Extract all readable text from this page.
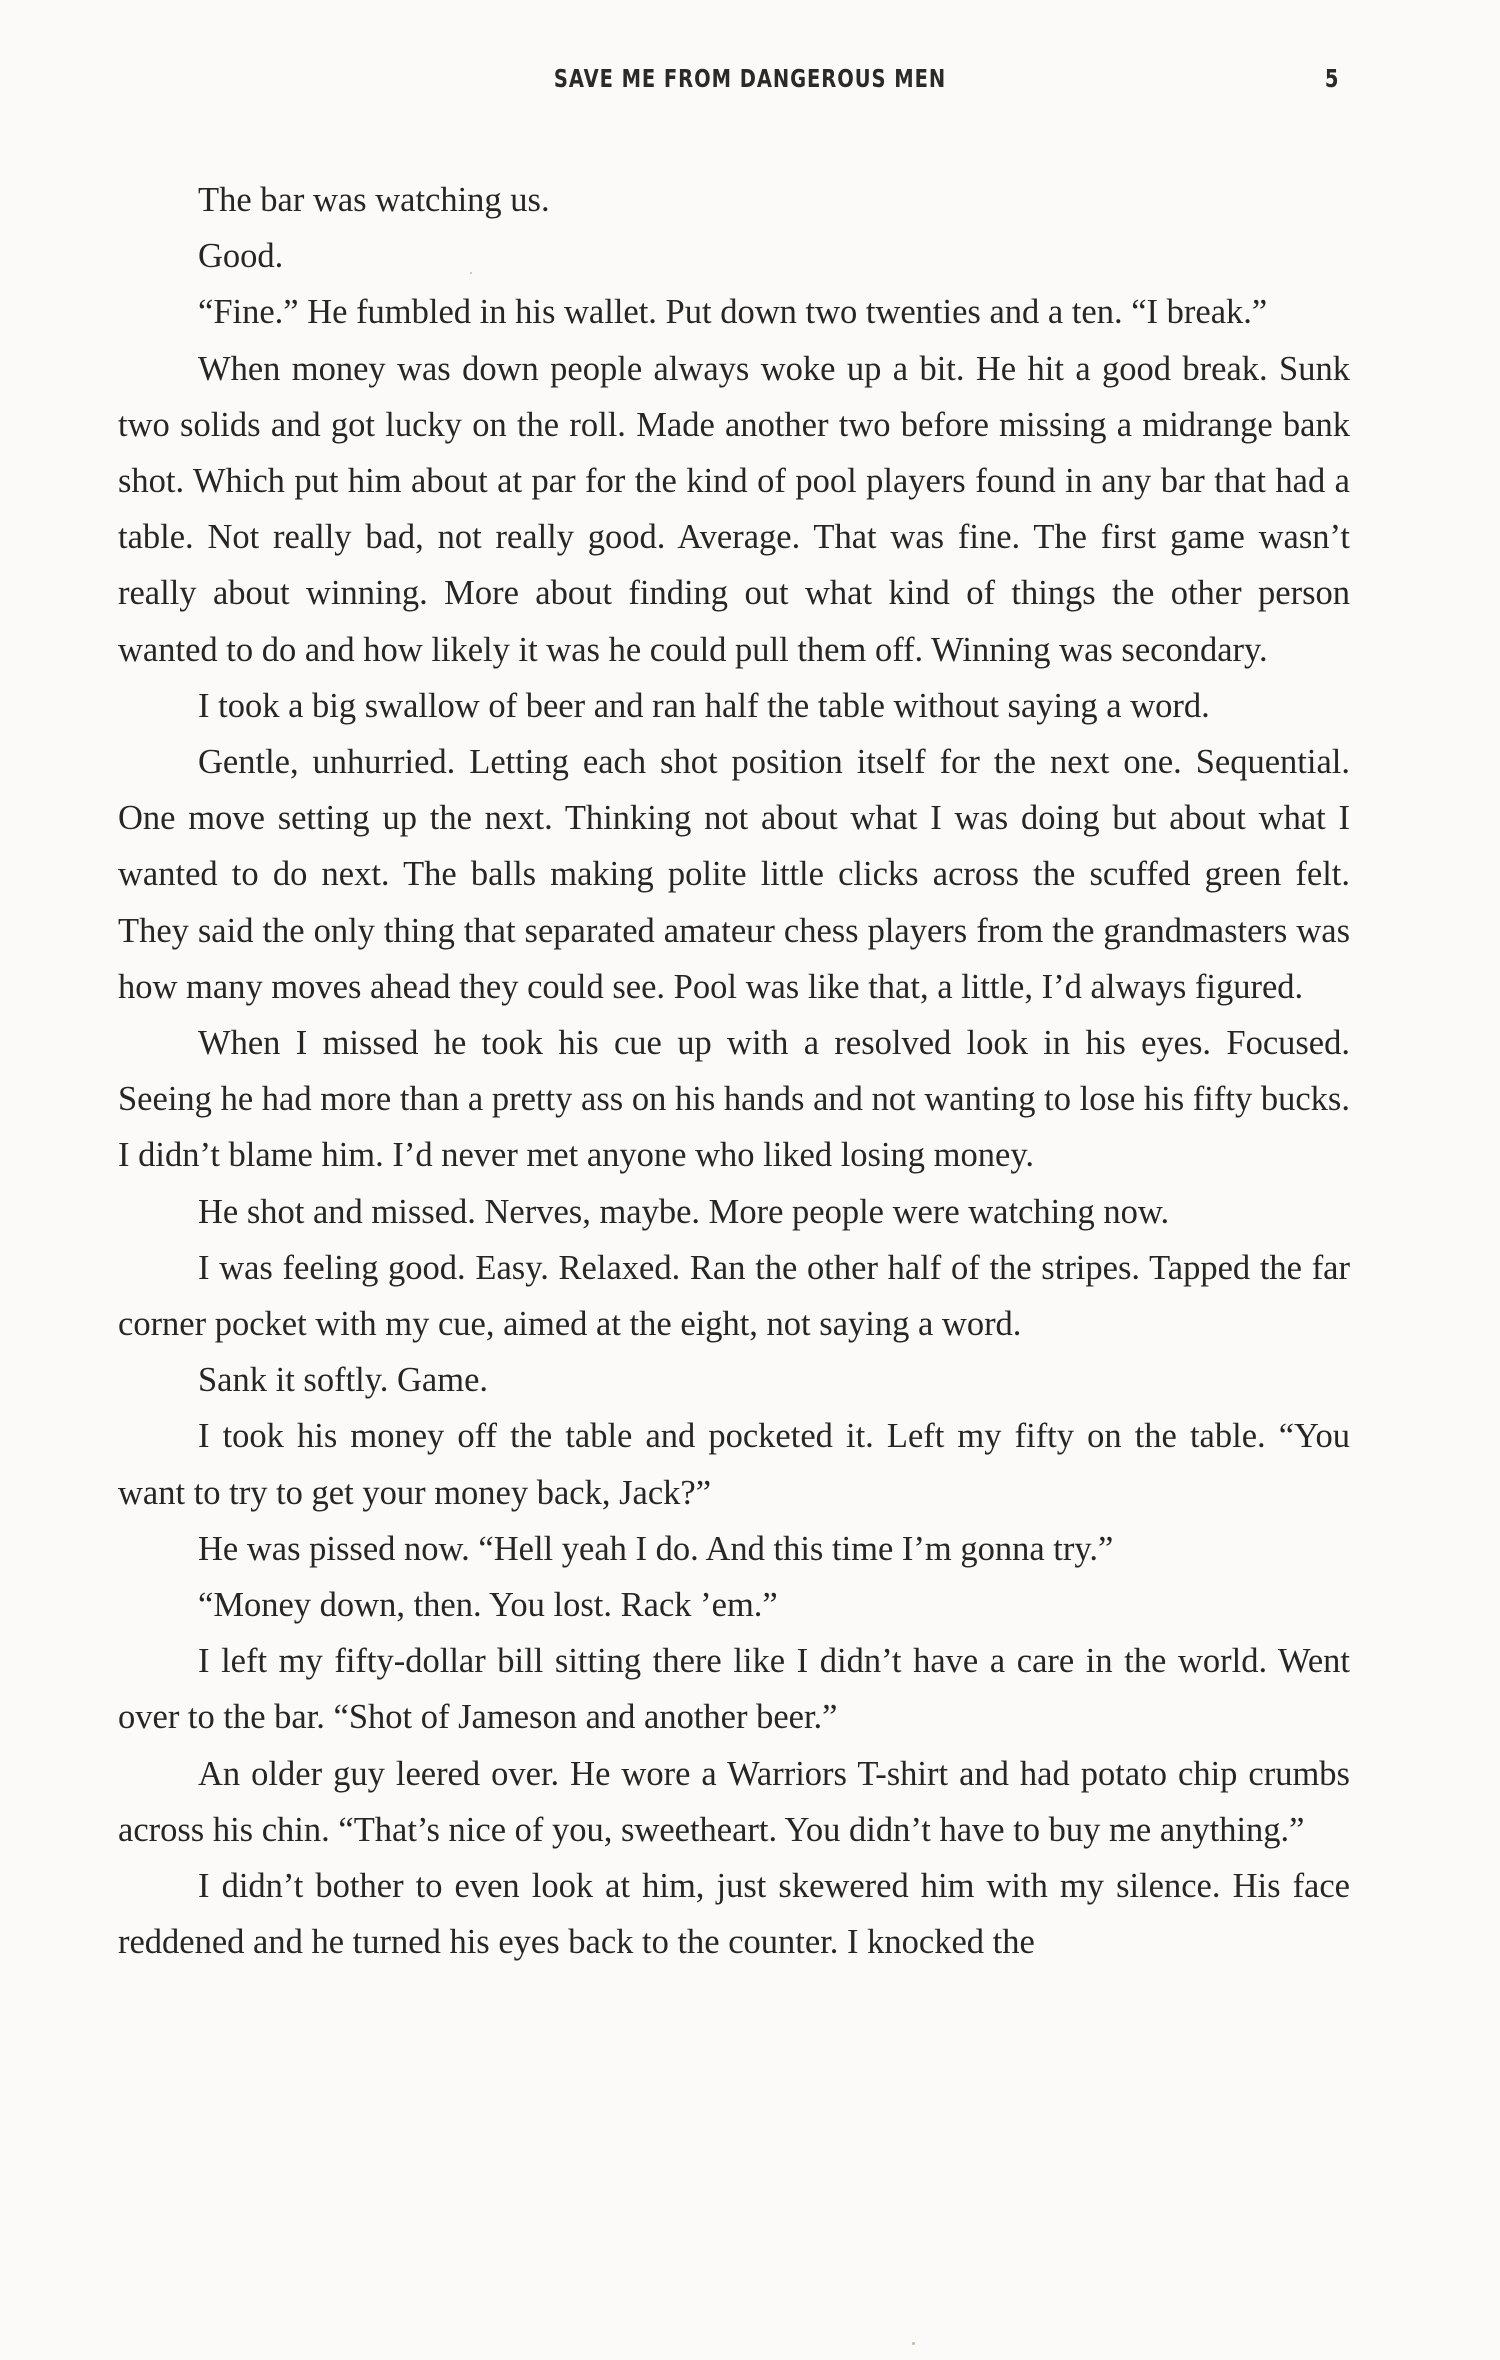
SAVE ME FROM DANGEROUS MEN	5

The bar was watching us.

Good.

“Fine.” He fumbled in his wallet. Put down two twenties and a ten. “I break.”

When money was down people always woke up a bit. He hit a good break. Sunk two solids and got lucky on the roll. Made another two before missing a midrange bank shot. Which put him about at par for the kind of pool players found in any bar that had a table. Not really bad, not really good. Average. That was fine. The first game wasn’t really about winning. More about finding out what kind of things the other person wanted to do and how likely it was he could pull them off. Winning was secondary.

I took a big swallow of beer and ran half the table without saying a word.

Gentle, unhurried. Letting each shot position itself for the next one. Sequential. One move setting up the next. Thinking not about what I was doing but about what I wanted to do next. The balls making polite little clicks across the scuffed green felt. They said the only thing that separated amateur chess players from the grandmasters was how many moves ahead they could see. Pool was like that, a little, I’d always figured.

When I missed he took his cue up with a resolved look in his eyes. Focused. Seeing he had more than a pretty ass on his hands and not wanting to lose his fifty bucks. I didn’t blame him. I’d never met anyone who liked losing money.

He shot and missed. Nerves, maybe. More people were watching now.

I was feeling good. Easy. Relaxed. Ran the other half of the stripes. Tapped the far corner pocket with my cue, aimed at the eight, not saying a word.

Sank it softly. Game.

I took his money off the table and pocketed it. Left my fifty on the table. “You want to try to get your money back, Jack?”

He was pissed now. “Hell yeah I do. And this time I’m gonna try.”

“Money down, then. You lost. Rack ’em.”

I left my fifty-dollar bill sitting there like I didn’t have a care in the world. Went over to the bar. “Shot of Jameson and another beer.”

An older guy leered over. He wore a Warriors T-shirt and had potato chip crumbs across his chin. “That’s nice of you, sweetheart. You didn’t have to buy me anything.”

I didn’t bother to even look at him, just skewered him with my silence. His face reddened and he turned his eyes back to the counter. I knocked the
